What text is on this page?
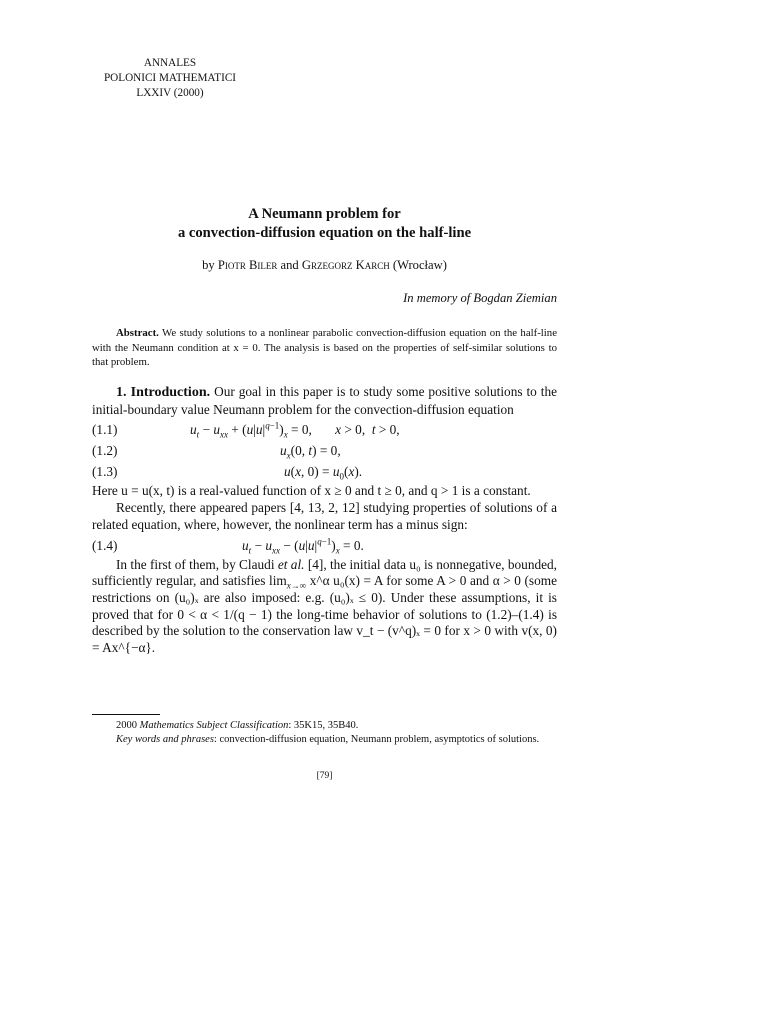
ANNALES
POLONICI MATHEMATICI
LXXIV (2000)
A Neumann problem for
a convection-diffusion equation on the half-line
by Piotr Biler and Grzegorz Karch (Wrocław)
In memory of Bogdan Ziemian
Abstract. We study solutions to a nonlinear parabolic convection-diffusion equation on the half-line with the Neumann condition at x = 0. The analysis is based on the properties of self-similar solutions to that problem.

1. Introduction. Our goal in this paper is to study some positive solutions to the initial-boundary value Neumann problem for the convection-diffusion equation

(1.1)	$u_t - u_{xx} + (u|u|^{q-1})_x = 0$,       x > 0,  t > 0,
(1.2)	$u_x(0$, t) = 0,
(1.3)	u(x, $0) = u_0(x)$.

Here u = u(x, t) is a real-valued function of x ≥ 0 and t ≥ 0, and q > 1 is a constant.

Recently, there appeared papers [4, 13, 2, 12] studying properties of solutions of a related equation, where, however, the nonlinear term has a minus sign:

(1.4)	$u_t - u_{xx} - (u|u|^{q-1})_x = 0$.

In the first of them, by Claudi et al. [4], the initial data u₀ is nonnegative, bounded, sufficiently regular, and satisfies $\lim_{x\to\infty}$ x^α u₀(x) = A for some A > 0 and α > 0 (some restrictions on (u₀)ₓ are also imposed: e.g. (u₀)ₓ ≤ 0). Under these assumptions, it is proved that for 0 < α < 1/(q − 1) the long-time behavior of solutions to (1.2)–(1.4) is described by the solution to the conservation law v_t − (v^q)ₓ = 0 for x > 0 with v(x, 0) = Ax^{−α}.

2000 Mathematics Subject Classification: 35K15, 35B40.

Key words and phrases: convection-diffusion equation, Neumann problem, asymptotics of solutions.

[79]
